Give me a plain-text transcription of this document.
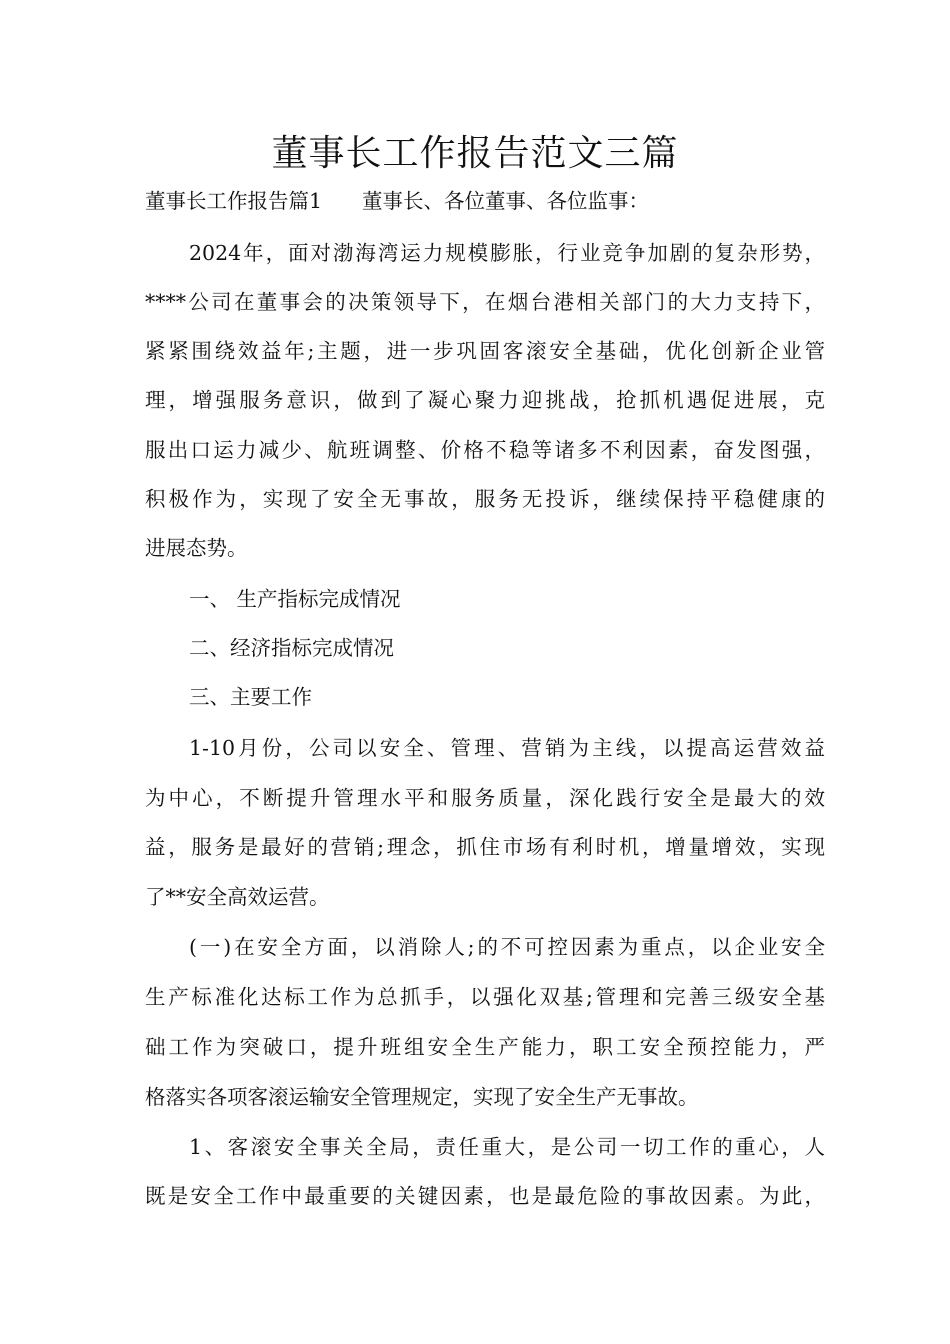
董事长工作报告范文三篇
董事长工作报告篇1 董事长、各位董事、各位监事：
2024年，面对渤海湾运力规模膨胀，行业竞争加剧的复杂形势，
****公司在董事会的决策领导下，在烟台港相关部门的大力支持下，
紧紧围绕效益年;主题，进一步巩固客滚安全基础，优化创新企业管
理，增强服务意识，做到了凝心聚力迎挑战，抢抓机遇促进展，克
服出口运力减少、航班调整、价格不稳等诸多不利因素，奋发图强，
积极作为，实现了安全无事故，服务无投诉，继续保持平稳健康的
进展态势。
一、 生产指标完成情况
二、经济指标完成情况
三、主要工作
1-10月份，公司以安全、管理、营销为主线，以提高运营效益
为中心，不断提升管理水平和服务质量，深化践行安全是最大的效
益，服务是最好的营销;理念，抓住市场有利时机，增量增效，实现
了**安全高效运营。
(一)在安全方面，以消除人;的不可控因素为重点，以企业安全
生产标准化达标工作为总抓手，以强化双基;管理和完善三级安全基
础工作为突破口，提升班组安全生产能力，职工安全预控能力，严
格落实各项客滚运输安全管理规定，实现了安全生产无事故。
1、客滚安全事关全局，责任重大，是公司一切工作的重心，人
既是安全工作中最重要的关键因素，也是最危险的事故因素。为此，
